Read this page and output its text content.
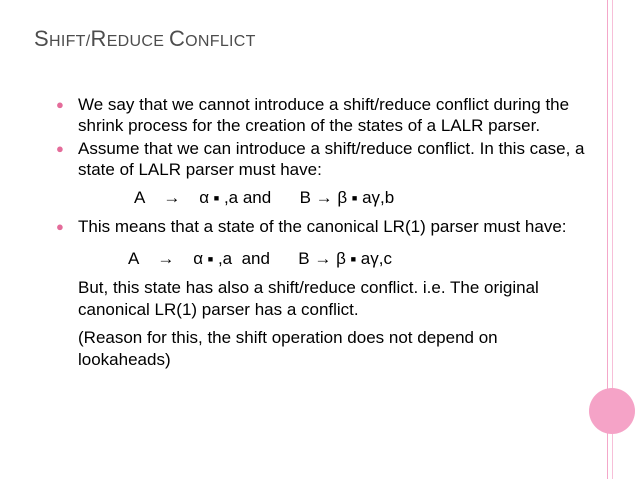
SHIFT/REDUCE CONFLICT
● We say that we cannot introduce a shift/reduce conflict during the shrink process for the creation of the states of a LALR parser.
● Assume that we can introduce a shift/reduce conflict. In this case, a state of LALR parser must have:
A → α ■ ,a and B → β ■ aγ,b
● This means that a state of the canonical LR(1) parser must have:
A → α ■ ,a  and B → β ■ aγ,c
But, this state has also a shift/reduce conflict. i.e. The original canonical LR(1) parser has a conflict.
(Reason for this, the shift operation does not depend on lookaheads)
